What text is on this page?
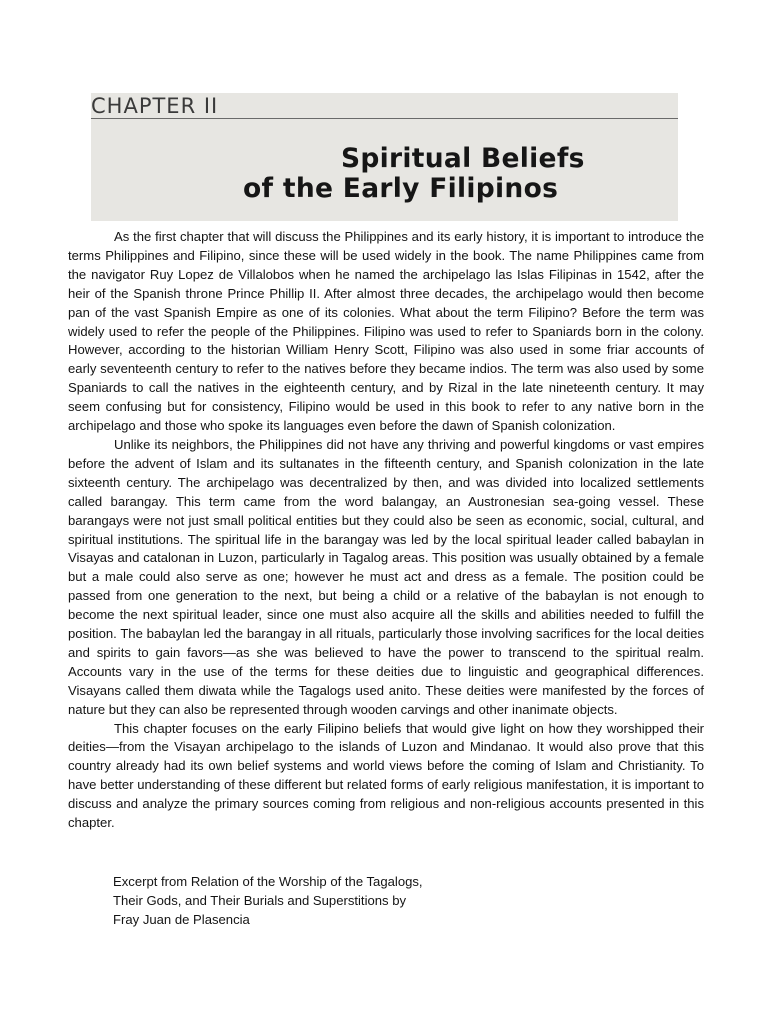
CHAPTER II
Spiritual Beliefs
of the Early Filipinos

As the first chapter that will discuss the Philippines and its early history, it is important to introduce the terms Philippines and Filipino, since these will be used widely in the book. The name Philippines came from the navigator Ruy Lopez de Villalobos when he named the archipelago las Islas Filipinas in 1542, after the heir of the Spanish throne Prince Phillip II. After almost three decades, the archipelago would then become pan of the vast Spanish Empire as one of its colonies. What about the term Filipino? Before the term was widely used to refer the people of the Philippines. Filipino was used to refer to Spaniards born in the colony. However, according to the historian William Henry Scott, Filipino was also used in some friar accounts of early seventeenth century to refer to the natives before they became indios. The term was also used by some Spaniards to call the natives in the eighteenth century, and by Rizal in the late nineteenth century. It may seem confusing but for consistency, Filipino would be used in this book to refer to any native born in the archipelago and those who spoke its languages even before the dawn of Spanish colonization.

Unlike its neighbors, the Philippines did not have any thriving and powerful kingdoms or vast empires before the advent of Islam and its sultanates in the fifteenth century, and Spanish colonization in the late sixteenth century. The archipelago was decentralized by then, and was divided into localized settlements called barangay. This term came from the word balangay, an Austronesian sea-going vessel. These barangays were not just small political entities but they could also be seen as economic, social, cultural, and spiritual institutions. The spiritual life in the barangay was led by the local spiritual leader called babaylan in Visayas and catalonan in Luzon, particularly in Tagalog areas. This position was usually obtained by a female but a male could also serve as one; however he must act and dress as a female. The position could be passed from one generation to the next, but being a child or a relative of the babaylan is not enough to become the next spiritual leader, since one must also acquire all the skills and abilities needed to fulfill the position. The babaylan led the barangay in all rituals, particularly those involving sacrifices for the local deities and spirits to gain favors—as she was believed to have the power to transcend to the spiritual realm. Accounts vary in the use of the terms for these deities due to linguistic and geographical differences. Visayans called them diwata while the Tagalogs used anito. These deities were manifested by the forces of nature but they can also be represented through wooden carvings and other inanimate objects.

This chapter focuses on the early Filipino beliefs that would give light on how they worshipped their deities—from the Visayan archipelago to the islands of Luzon and Mindanao. It would also prove that this country already had its own belief systems and world views before the coming of Islam and Christianity. To have better understanding of these different but related forms of early religious manifestation, it is important to discuss and analyze the primary sources coming from religious and non-religious accounts presented in this chapter.

Excerpt from Relation of the Worship of the Tagalogs,
Their Gods, and Their Burials and Superstitions by
Fray Juan de Plasencia
